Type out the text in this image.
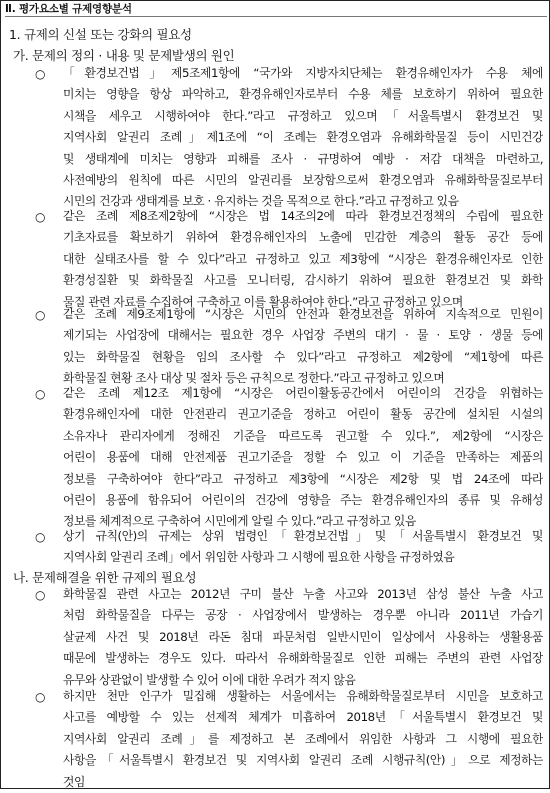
Ⅱ. 평가요소별 규제영향분석
1. 규제의 신설 또는 강화의 필요성
가. 문제의 정의 · 내용 및 문제발생의 원인
○ 「환경보건법」제5조제1항에 “국가와 지방자치단체는 환경유해인자가 수용 체에
미치는 영향을 항상 파악하고, 환경유해인자로부터 수용 체를 보호하기 위하여 필요한
시책을 세우고 시행하여야 한다.”라고 규정하고 있으며「서울특별시 환경보건 및
지역사회 알권리 조례」제1조에 “이 조례는 환경오염과 유해화학물질 등이 시민건강
및 생태계에 미치는 영향과 피해를 조사 · 규명하여 예방 · 저감 대책을 마련하고,
사전예방의 원칙에 따른 시민의 알권리를 보장함으로써 환경오염과 유해화학물질로부터
시민의 건강과 생태계를 보호 · 유지하는 것을 목적으로 한다.”라고 규정하고 있음
○ 같은 조례 제8조제2항에 “시장은 법 14조의2에 따라 환경보건정책의 수립에 필요한
기초자료를 확보하기 위하여 환경유해인자의 노출에 민감한 계층의 활동 공간 등에
대한 실태조사를 할 수 있다”라고 규정하고 있고 제3항에 “시장은 환경유해인자로 인한
환경성질환 및 화학물질 사고를 모니터링, 감시하기 위하여 필요한 환경보건 및 화학
물질 관련 자료를 수집하여 구축하고 이를 활용하여야 한다.”라고 규정하고 있으며
○ 같은 조례 제9조제1항에 “시장은 시민의 안전과 환경보전을 위하여 지속적으로 민원이
제기되는 사업장에 대해서는 필요한 경우 사업장 주변의 대기 · 물 · 토양 · 생물 등에
있는 화학물질 현황을 임의 조사할 수 있다”라고 규정하고 제2항에 “제1항에 따른
화학물질 현황 조사 대상 및 절차 등은 규칙으로 정한다.”라고 규정하고 있으며
○ 같은 조례 제12조 제1항에 “시장은 어린이활동공간에서 어린이의 건강을 위협하는
환경유해인자에 대한 안전관리 권고기준을 정하고 어린이 활동 공간에 설치된 시설의
소유자나 관리자에게 정해진 기준을 따르도록 권고할 수 있다.”, 제2항에 “시장은
어린이 용품에 대해 안전제품 권고기준을 정할 수 있고 이 기준을 만족하는 제품의
정보를 구축하여야 한다”라고 규정하고 제3항에 “시장은 제2항 및 법 24조에 따라
어린이 용품에 함유되어 어린이의 건강에 영향을 주는 환경유해인자의 종류 및 유해성
정보를 체계적으로 구축하여 시민에게 알릴 수 있다.”라고 규정하고 있음
○ 상기 규칙(안)의 규제는 상위 법령인「환경보건법」및「서울특별시 환경보건 및
지역사회 알권리 조례」에서 위임한 사항과 그 시행에 필요한 사항을 규정하였음
나. 문제해결을 위한 규제의 필요성
○ 화학물질 관련 사고는 2012년 구미 불산 누출 사고와 2013년 삼성 불산 누출 사고
처럼 화학물질을 다루는 공장 · 사업장에서 발생하는 경우뿐 아니라 2011년 가습기
살균제 사건 및 2018년 라돈 침대 파문처럼 일반시민이 일상에서 사용하는 생활용품
때문에 발생하는 경우도 있다. 따라서 유해화학물질로 인한 피해는 주변의 관련 사업장
유무와 상관없이 발생할 수 있어 이에 대한 우려가 적지 않음
○ 하지만 천만 인구가 밀집해 생활하는 서울에서는 유해화학물질로부터 시민을 보호하고
사고를 예방할 수 있는 선제적 체계가 미흡하여 2018년「서울특별시 환경보건 및
지역사회 알권리 조례」를 제정하고 본 조례에서 위임한 사항과 그 시행에 필요한
사항을「서울특별시 환경보건 및 지역사회 알권리 조례 시행규칙(안)」으로 제정하는
것임
